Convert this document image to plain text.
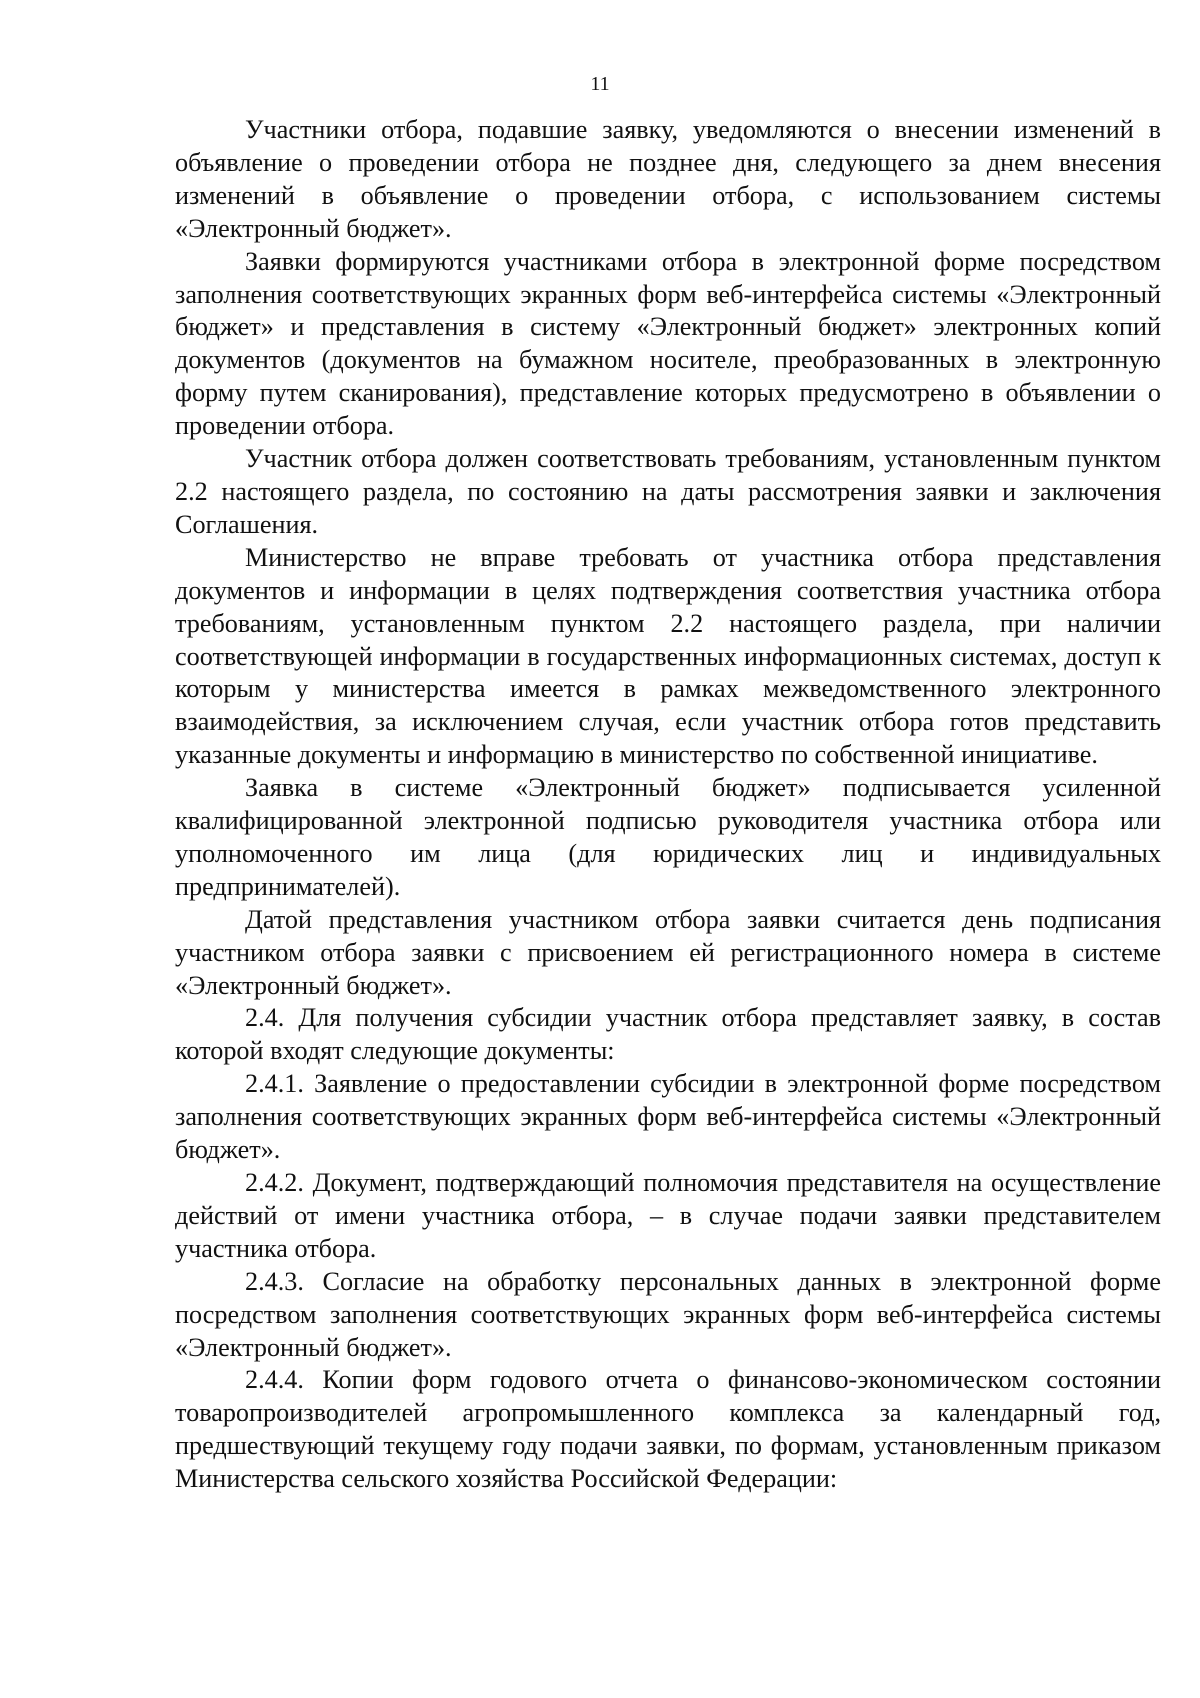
11

Участники отбора, подавшие заявку, уведомляются о внесении изменений в объявление о проведении отбора не позднее дня, следующего за днем внесения изменений в объявление о проведении отбора, с использованием системы «Электронный бюджет».

Заявки формируются участниками отбора в электронной форме посредством заполнения соответствующих экранных форм веб-интерфейса системы «Электронный бюджет» и представления в систему «Электронный бюджет» электронных копий документов (документов на бумажном носителе, преобразованных в электронную форму путем сканирования), представление которых предусмотрено в объявлении о проведении отбора.

Участник отбора должен соответствовать требованиям, установленным пунктом 2.2 настоящего раздела, по состоянию на даты рассмотрения заявки и заключения Соглашения.

Министерство не вправе требовать от участника отбора представления документов и информации в целях подтверждения соответствия участника отбора требованиям, установленным пунктом 2.2 настоящего раздела, при наличии соответствующей информации в государственных информационных системах, доступ к которым у министерства имеется в рамках межведомственного электронного взаимодействия, за исключением случая, если участник отбора готов представить указанные документы и информацию в министерство по собственной инициативе.

Заявка в системе «Электронный бюджет» подписывается усиленной квалифицированной электронной подписью руководителя участника отбора или уполномоченного им лица (для юридических лиц и индивидуальных предпринимателей).

Датой представления участником отбора заявки считается день подписания участником отбора заявки с присвоением ей регистрационного номера в системе «Электронный бюджет».

2.4. Для получения субсидии участник отбора представляет заявку, в состав которой входят следующие документы:

2.4.1. Заявление о предоставлении субсидии в электронной форме посредством заполнения соответствующих экранных форм веб-интерфейса системы «Электронный бюджет».

2.4.2. Документ, подтверждающий полномочия представителя на осуществление действий от имени участника отбора, – в случае подачи заявки представителем участника отбора.

2.4.3. Согласие на обработку персональных данных в электронной форме посредством заполнения соответствующих экранных форм веб-интерфейса системы «Электронный бюджет».

2.4.4. Копии форм годового отчета о финансово-экономическом состоянии товаропроизводителей агропромышленного комплекса за календарный год, предшествующий текущему году подачи заявки, по формам, установленным приказом Министерства сельского хозяйства Российской Федерации:
